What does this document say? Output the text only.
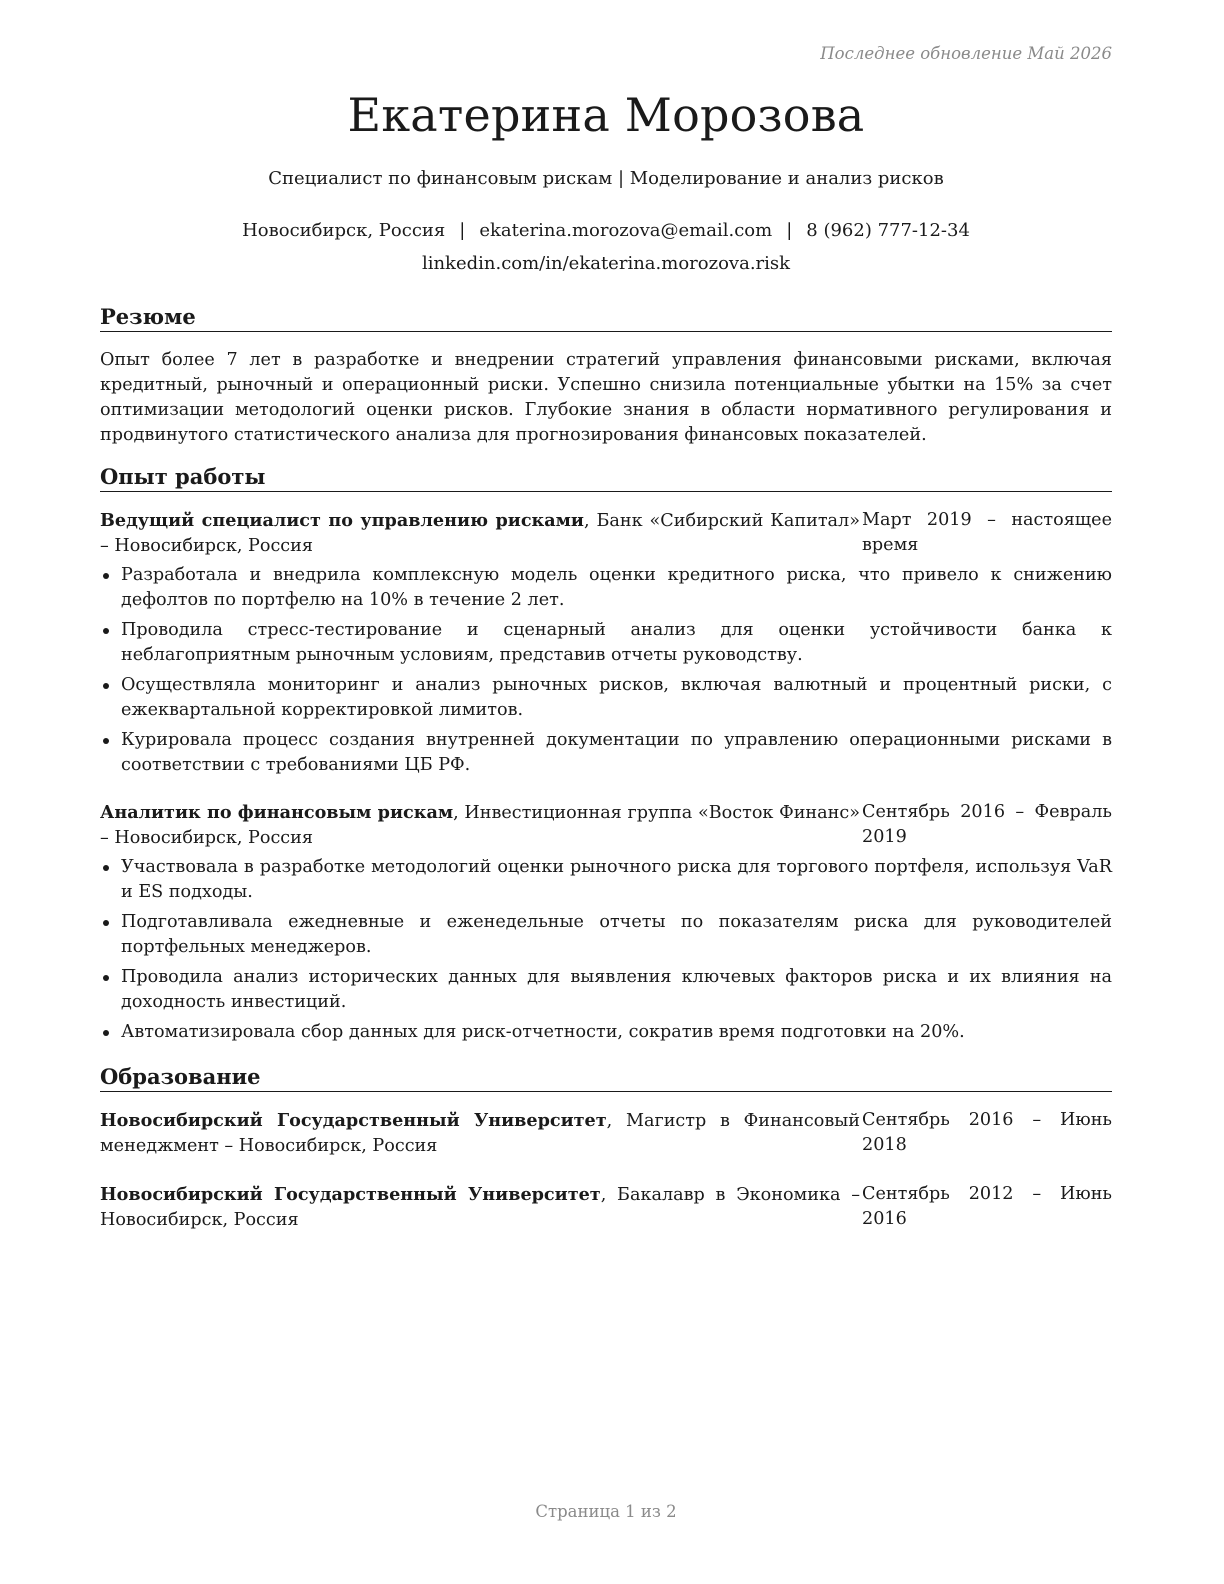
Последнее обновление Май 2026
Екатерина Морозова
Специалист по финансовым рискам | Моделирование и анализ рисков
Новосибирск, Россия | ekaterina.morozova@email.com | 8 (962) 777-12-34
linkedin.com/in/ekaterina.morozova.risk
Резюме
Опыт более 7 лет в разработке и внедрении стратегий управления финансовыми рисками, включая кредитный, рыночный и операционный риски. Успешно снизила потенциальные убытки на 15% за счет оптимизации методологий оценки рисков. Глубокие знания в области нормативного регулирования и продвинутого статистического анализа для прогнозирования финансовых показателей.
Опыт работы
Ведущий специалист по управлению рисками, Банк «Сибирский Капитал» – Новосибирск, Россия
Март 2019 – настоящее
время
Разработала и внедрила комплексную модель оценки кредитного риска, что привело к снижению дефолтов по портфелю на 10% в течение 2 лет.
Проводила стресс-тестирование и сценарный анализ для оценки устойчивости банка к неблагоприятным рыночным условиям, представив отчеты руководству.
Осуществляла мониторинг и анализ рыночных рисков, включая валютный и процентный риски, с ежеквартальной корректировкой лимитов.
Курировала процесс создания внутренней документации по управлению операционными рисками в соответствии с требованиями ЦБ РФ.
Аналитик по финансовым рискам, Инвестиционная группа «Восток Финанс» – Новосибирск, Россия
Сентябрь 2016 – Февраль
2019
Участвовала в разработке методологий оценки рыночного риска для торгового портфеля, используя VaR и ES подходы.
Подготавливала ежедневные и еженедельные отчеты по показателям риска для руководителей портфельных менеджеров.
Проводила анализ исторических данных для выявления ключевых факторов риска и их влияния на доходность инвестиций.
Автоматизировала сбор данных для риск-отчетности, сократив время подготовки на 20%.
Образование
Новосибирский Государственный Университет, Магистр в Финансовый менеджмент – Новосибирск, Россия
Сентябрь 2016 – Июнь
2018
Новосибирский Государственный Университет, Бакалавр в Экономика – Новосибирск, Россия
Сентябрь 2012 – Июнь
2016
Страница 1 из 2
